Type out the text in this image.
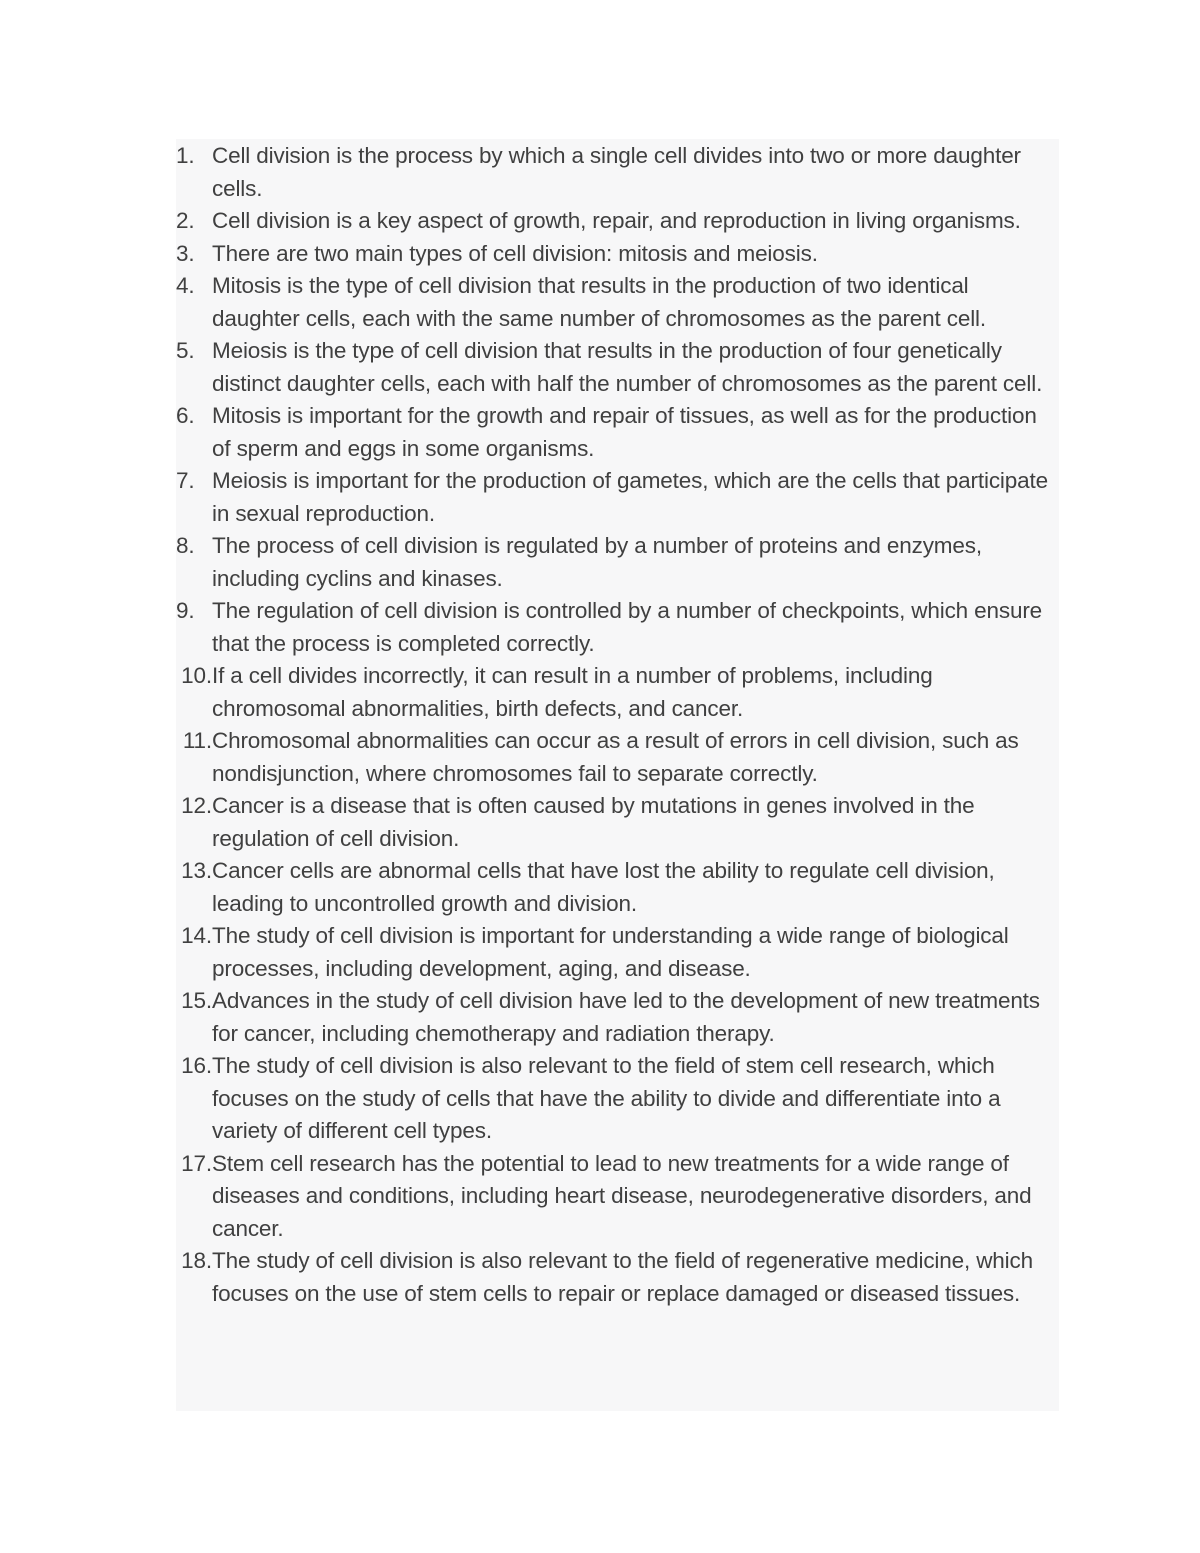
1. Cell division is the process by which a single cell divides into two or more daughter cells.
2. Cell division is a key aspect of growth, repair, and reproduction in living organisms.
3. There are two main types of cell division: mitosis and meiosis.
4. Mitosis is the type of cell division that results in the production of two identical daughter cells, each with the same number of chromosomes as the parent cell.
5. Meiosis is the type of cell division that results in the production of four genetically distinct daughter cells, each with half the number of chromosomes as the parent cell.
6. Mitosis is important for the growth and repair of tissues, as well as for the production of sperm and eggs in some organisms.
7. Meiosis is important for the production of gametes, which are the cells that participate in sexual reproduction.
8. The process of cell division is regulated by a number of proteins and enzymes, including cyclins and kinases.
9. The regulation of cell division is controlled by a number of checkpoints, which ensure that the process is completed correctly.
10. If a cell divides incorrectly, it can result in a number of problems, including chromosomal abnormalities, birth defects, and cancer.
11. Chromosomal abnormalities can occur as a result of errors in cell division, such as nondisjunction, where chromosomes fail to separate correctly.
12. Cancer is a disease that is often caused by mutations in genes involved in the regulation of cell division.
13. Cancer cells are abnormal cells that have lost the ability to regulate cell division, leading to uncontrolled growth and division.
14. The study of cell division is important for understanding a wide range of biological processes, including development, aging, and disease.
15. Advances in the study of cell division have led to the development of new treatments for cancer, including chemotherapy and radiation therapy.
16. The study of cell division is also relevant to the field of stem cell research, which focuses on the study of cells that have the ability to divide and differentiate into a variety of different cell types.
17. Stem cell research has the potential to lead to new treatments for a wide range of diseases and conditions, including heart disease, neurodegenerative disorders, and cancer.
18. The study of cell division is also relevant to the field of regenerative medicine, which focuses on the use of stem cells to repair or replace damaged or diseased tissues.
